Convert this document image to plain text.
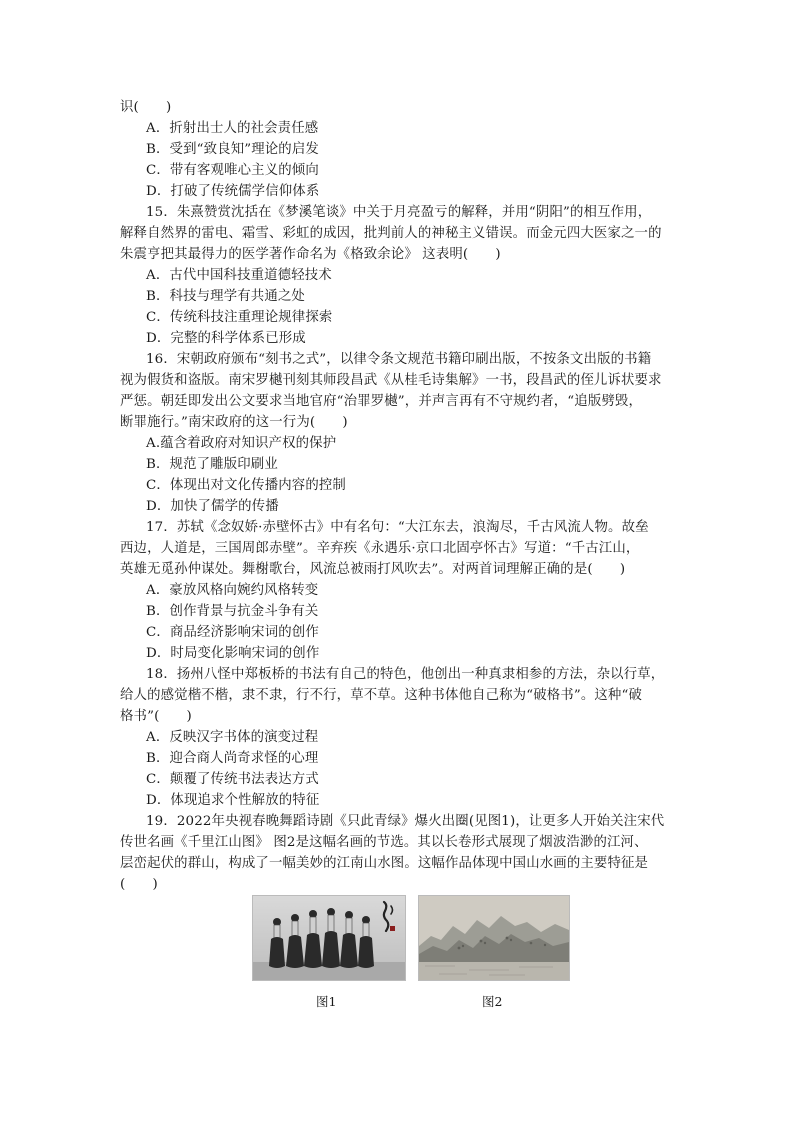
识(　　)
A．折射出士人的社会责任感
B．受到“致良知”理论的启发
C．带有客观唯心主义的倾向
D．打破了传统儒学信仰体系
15．朱熹赞赏沈括在《梦溪笔谈》中关于月亮盈亏的解释，并用“阴阳”的相互作用，
解释自然界的雷电、霜雪、彩虹的成因，批判前人的神秘主义错误。而金元四大医家之一的
朱震亨把其最得力的医学著作命名为《格致余论》 这表明(　　)
A．古代中国科技重道德轻技术
B．科技与理学有共通之处
C．传统科技注重理论规律探索
D．完整的科学体系已形成
16．宋朝政府颁布“刻书之式”，以律令条文规范书籍印刷出版，不按条文出版的书籍
视为假货和盗版。南宋罗樾刊刻其师段昌武《从桂毛诗集解》一书，段昌武的侄儿诉状要求
严惩。朝廷即发出公文要求当地官府“治罪罗樾”，并声言再有不守规约者，“追版劈毁，
断罪施行。”南宋政府的这一行为(　　)
A.蕴含着政府对知识产权的保护
B．规范了雕版印刷业
C．体现出对文化传播内容的控制
D．加快了儒学的传播
17．苏轼《念奴娇·赤壁怀古》中有名句：“大江东去，浪淘尽，千古风流人物。故垒
西边，人道是，三国周郎赤壁”。辛弃疾《永遇乐·京口北固亭怀古》写道：“千古江山，
英雄无觅孙仲谋处。舞榭歌台，风流总被雨打风吹去”。对两首词理解正确的是(　　)
A．豪放风格向婉约风格转变
B．创作背景与抗金斗争有关
C．商品经济影响宋词的创作
D．时局变化影响宋词的创作
18．扬州八怪中郑板桥的书法有自己的特色，他创出一种真隶相参的方法，杂以行草，
给人的感觉楷不楷，隶不隶，行不行，草不草。这种书体他自己称为“破格书”。这种“破
格书”(　　)
A．反映汉字书体的演变过程
B．迎合商人尚奇求怪的心理
C．颠覆了传统书法表达方式
D．体现追求个性解放的特征
19．2022年央视春晚舞蹈诗剧《只此青绿》爆火出圈(见图1)，让更多人开始关注宋代
传世名画《千里江山图》 图2是这幅名画的节选。其以长卷形式展现了烟波浩渺的江河、
层峦起伏的群山，构成了一幅美妙的江南山水图。这幅作品体现中国山水画的主要特征是
(　　)
图1	图2
